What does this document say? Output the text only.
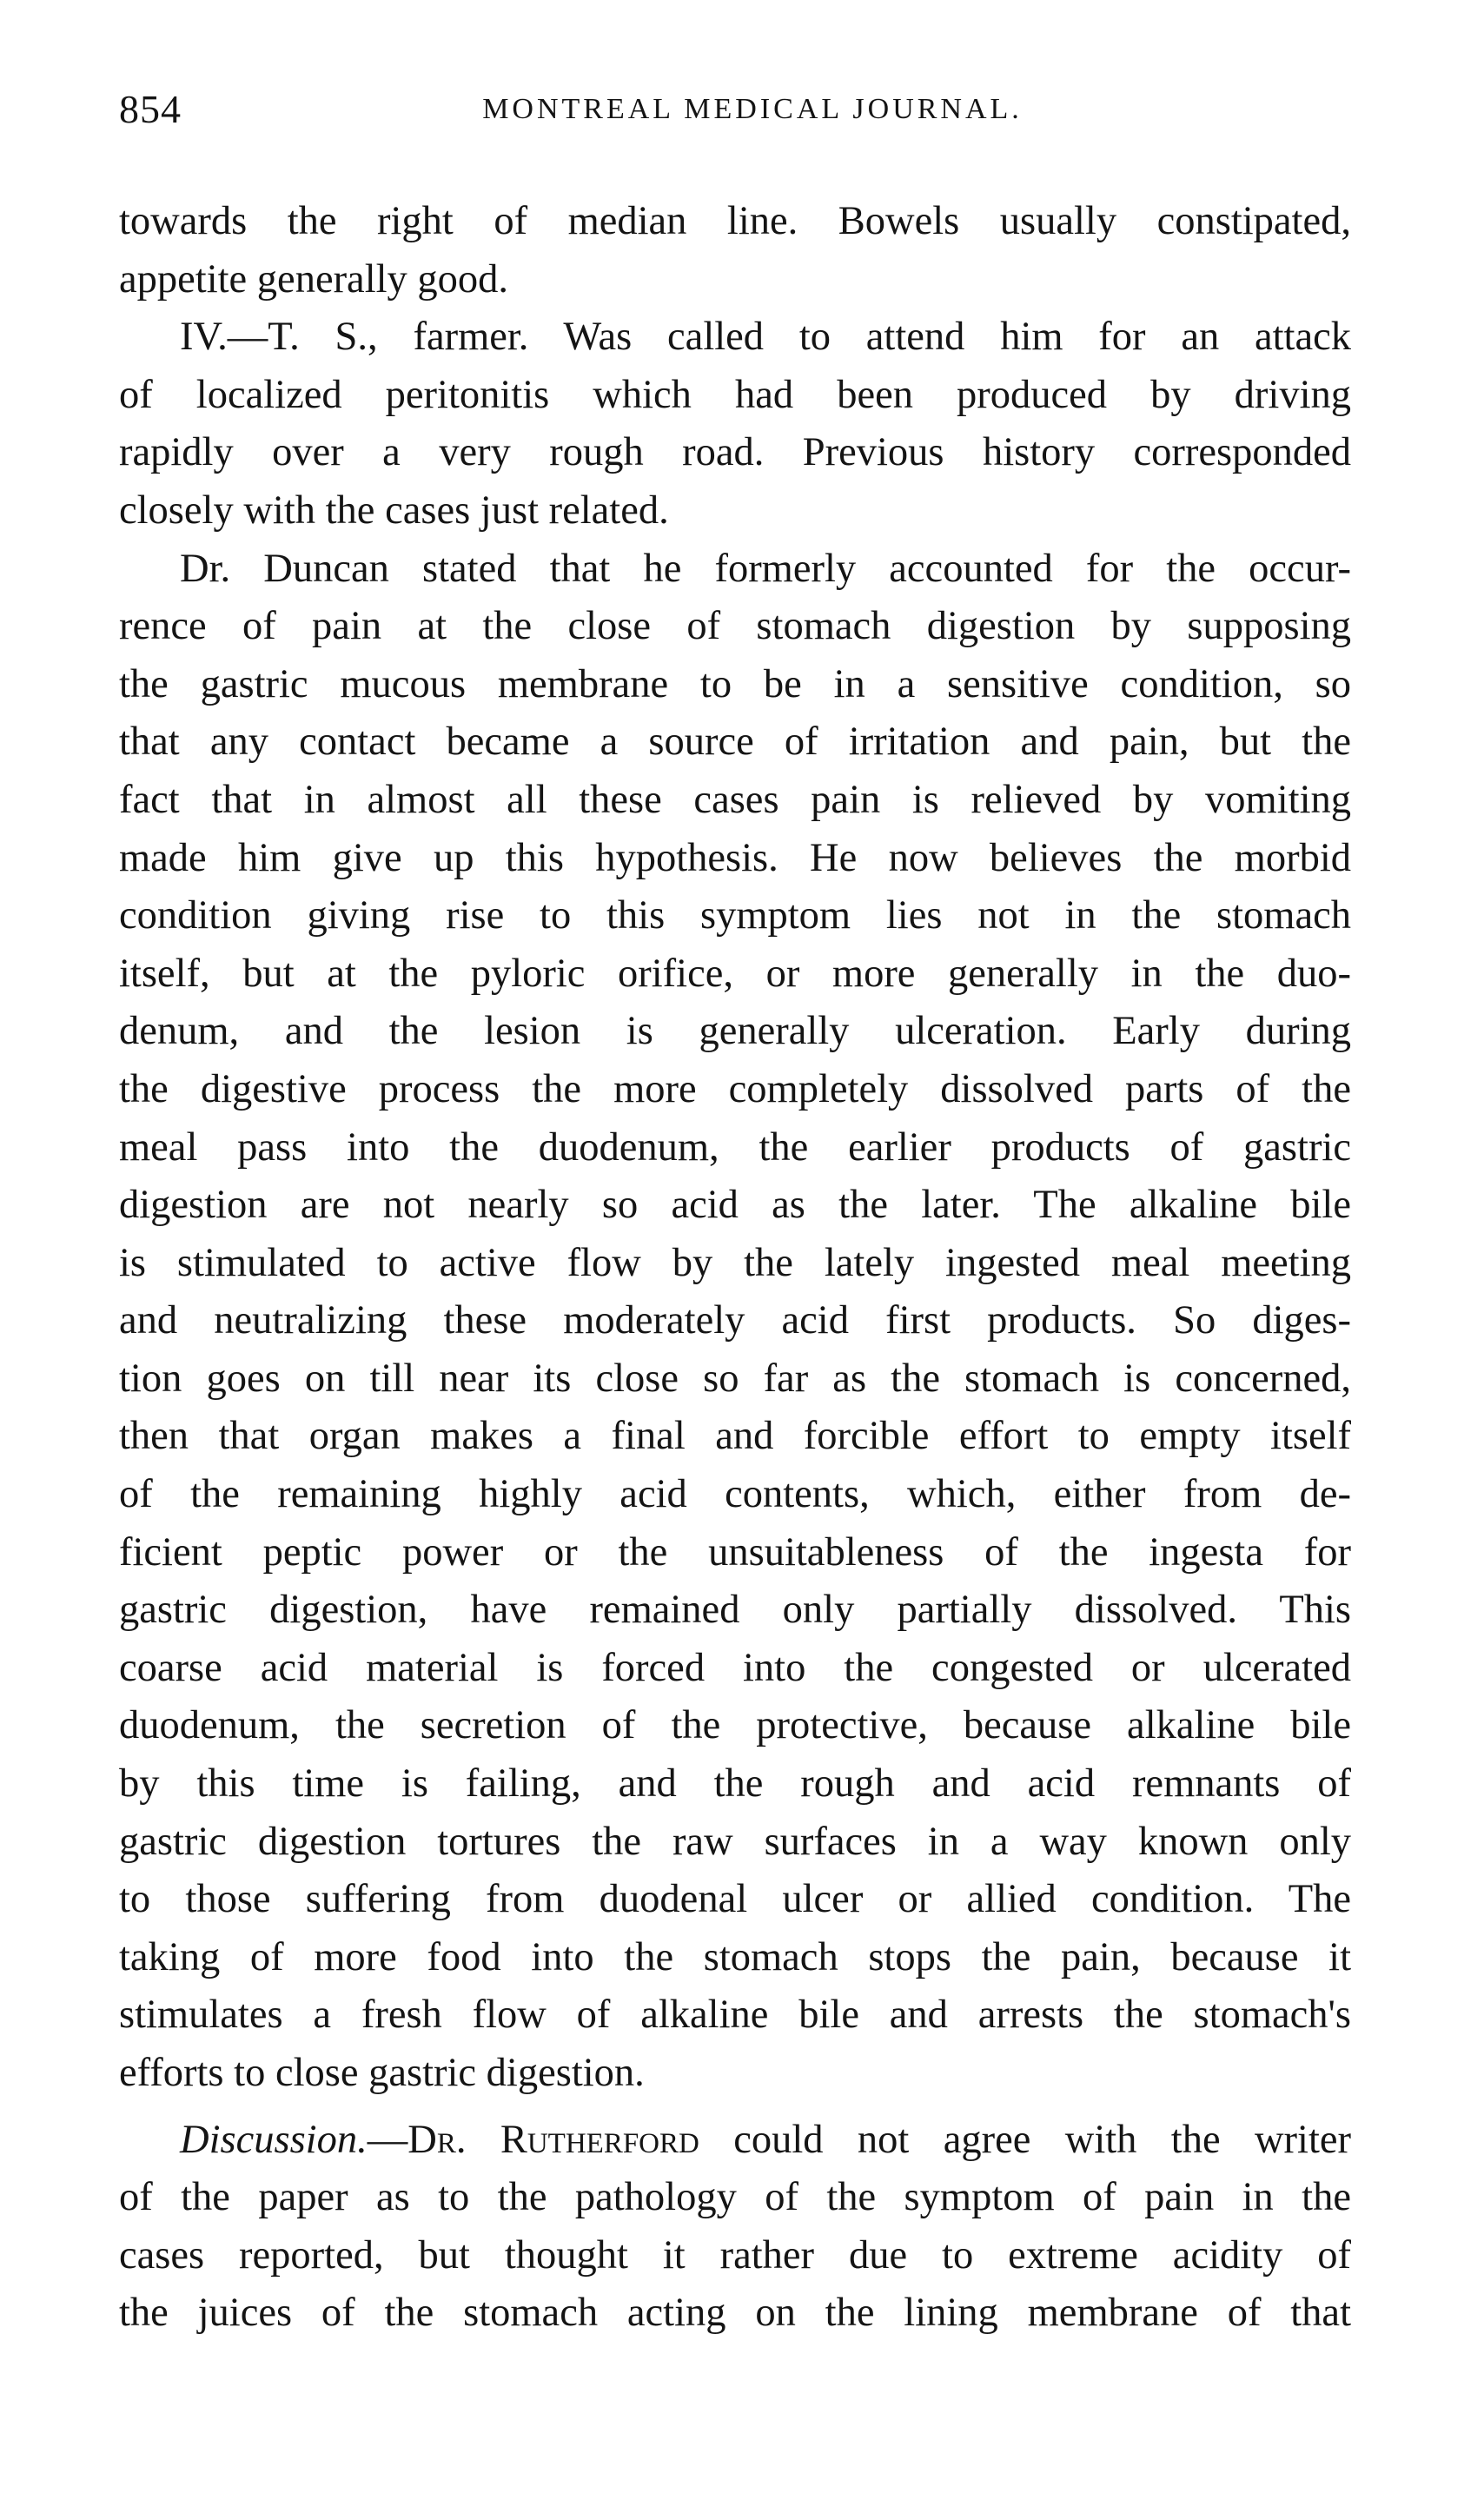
854	MONTREAL MEDICAL JOURNAL.
towards the right of median line. Bowels usually constipated,
appetite generally good.
IV.—T. S., farmer. Was called to attend him for an attack
of localized peritonitis which had been produced by driving
rapidly over a very rough road. Previous history corresponded
closely with the cases just related.
Dr. Duncan stated that he formerly accounted for the occur-
rence of pain at the close of stomach digestion by supposing
the gastric mucous membrane to be in a sensitive condition, so
that any contact became a source of irritation and pain, but the
fact that in almost all these cases pain is relieved by vomiting
made him give up this hypothesis. He now believes the morbid
condition giving rise to this symptom lies not in the stomach
itself, but at the pyloric orifice, or more generally in the duo-
denum, and the lesion is generally ulceration. Early during
the digestive process the more completely dissolved parts of the
meal pass into the duodenum, the earlier products of gastric
digestion are not nearly so acid as the later. The alkaline bile
is stimulated to active flow by the lately ingested meal meeting
and neutralizing these moderately acid first products. So diges-
tion goes on till near its close so far as the stomach is concerned,
then that organ makes a final and forcible effort to empty itself
of the remaining highly acid contents, which, either from de-
ficient peptic power or the unsuitableness of the ingesta for
gastric digestion, have remained only partially dissolved. This
coarse acid material is forced into the congested or ulcerated
duodenum, the secretion of the protective, because alkaline bile
by this time is failing, and the rough and acid remnants of
gastric digestion tortures the raw surfaces in a way known only
to those suffering from duodenal ulcer or allied condition. The
taking of more food into the stomach stops the pain, because it
stimulates a fresh flow of alkaline bile and arrests the stomach's
efforts to close gastric digestion.
Discussion.—Dr. Rutherford could not agree with the writer
of the paper as to the pathology of the symptom of pain in the
cases reported, but thought it rather due to extreme acidity of
the juices of the stomach acting on the lining membrane of that
